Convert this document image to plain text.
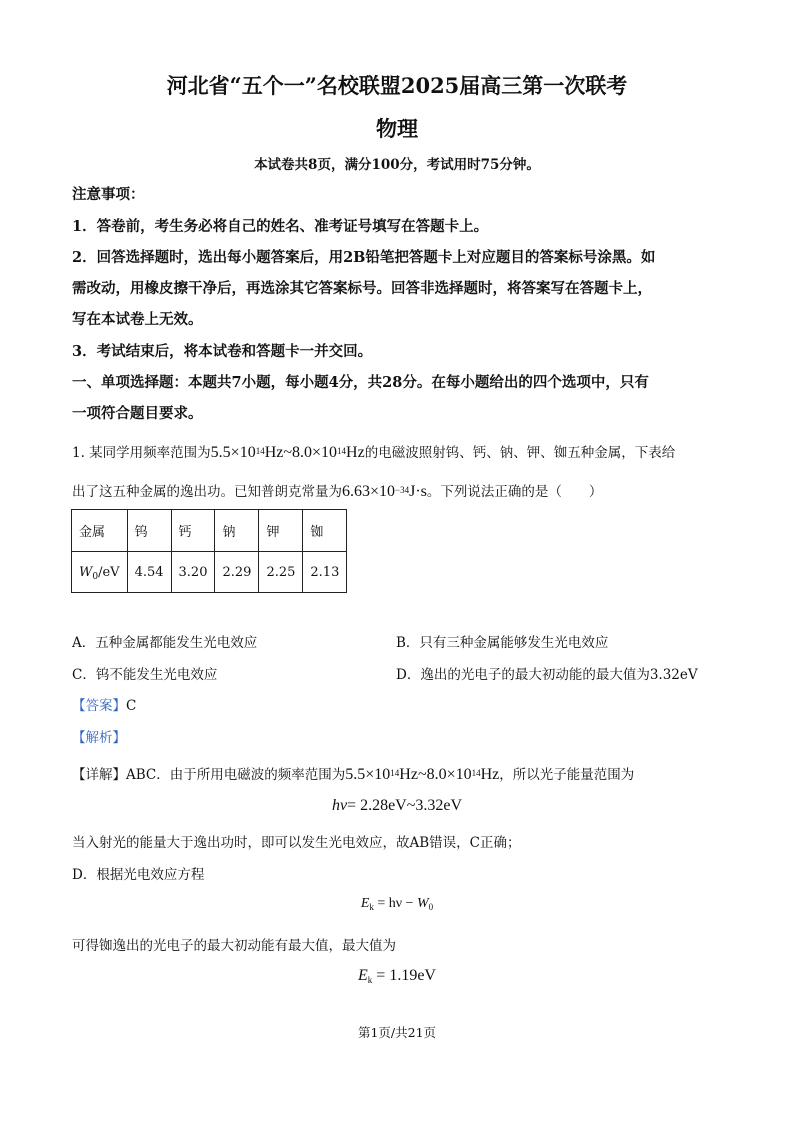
河北省“五个一”名校联盟2025届高三第一次联考
物理
本试卷共8页，满分100分，考试用时75分钟。
注意事项：
1．答卷前，考生务必将自己的姓名、准考证号填写在答题卡上。
2．回答选择题时，选出每小题答案后，用2B铅笔把答题卡上对应题目的答案标号涂黑。如
需改动，用橡皮擦干净后，再选涂其它答案标号。回答非选择题时，将答案写在答题卡上，
写在本试卷上无效。
3．考试结束后，将本试卷和答题卡一并交回。
一、单项选择题：本题共7小题，每小题4分，共28分。在每小题给出的四个选项中，只有
一项符合题目要求。
1. 某同学用频率范围为$5.5\times 10^{14}Hz\sim 8.0\times 10^{14}Hz$的电磁波照射钨、钙、钠、钾、铷五种金属，下表给
出了这五种金属的逸出功。已知普朗克常量为$6.63\times 10^{-34}J\cdot s$。下列说法正确的是（　　）
金属	钨	钙	钠	钾	铷
$W_0/eV$	4.54	3.20	2.29	2.25	2.13
A．五种金属都能发生光电效应	B．只有三种金属能够发生光电效应
C．钨不能发生光电效应	D．逸出的光电子的最大初动能的最大值为3.32eV
【答案】C
【解析】
【详解】ABC．由于所用电磁波的频率范围为$5.5\times 10^{14}Hz\sim 8.0\times 10^{14}Hz$，所以光子能量范围为
hν= 2.28eV~3.32eV
当入射光的能量大于逸出功时，即可以发生光电效应，故AB错误，C正确；
D．根据光电效应方程
$E_k = h\nu - W_0$
可得铷逸出的光电子的最大初动能有最大值，最大值为
$E_k = 1.19eV$
第1页/共21页
